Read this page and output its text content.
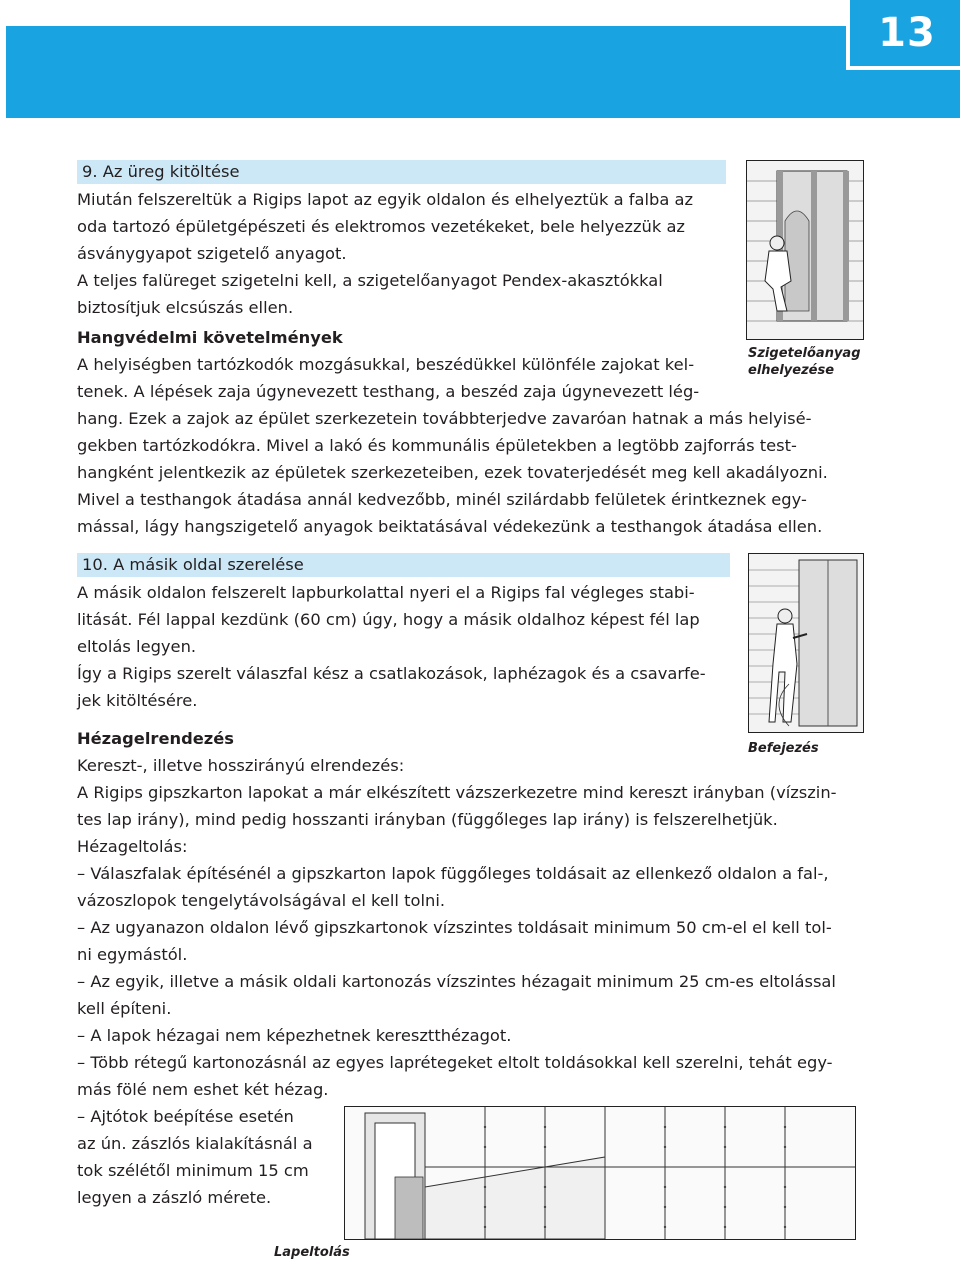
13
9. Az üreg kitöltése

Miután felszereltük a Rigips lapot az egyik oldalon és elhelyeztük a falba az

oda tartozó épületgépészeti és elektromos vezetékeket, bele helyezzük az

ásványgyapot szigetelő anyagot.

A teljes falüreget szigetelni kell, a szigetelőanyagot Pendex-akasztókkal

biztosítjuk elcsúszás ellen.

Szigetelőanyag
elhelyezése

Hangvédelmi követelmények

A helyiségben tartózkodók mozgásukkal, beszédükkel különféle zajokat kel-

tenek. A lépések zaja úgynevezett testhang, a beszéd zaja úgynevezett lég-

hang. Ezek a zajok az épület szerkezetein továbbterjedve zavaróan hatnak a más helyisé-

gekben tartózkodókra. Mivel a lakó és kommunális épületekben a legtöbb zajforrás test-

hangként jelentkezik az épületek szerkezeteiben, ezek tovaterjedését meg kell akadályozni.

Mivel a testhangok átadása annál kedvezőbb, minél szilárdabb felületek érintkeznek egy-

mással, lágy hangszigetelő anyagok beiktatásával védekezünk a testhangok átadása ellen.

10. A másik oldal szerelése

A másik oldalon felszerelt lapburkolattal nyeri el a Rigips fal végleges stabi-

litását. Fél lappal kezdünk (60 cm) úgy, hogy a másik oldalhoz képest fél lap

eltolás legyen.

Így a Rigips szerelt válaszfal kész a csatlakozások, laphézagok és a csavarfe-

jek kitöltésére.

Befejezés

Hézagelrendezés

Kereszt-, illetve hosszirányú elrendezés:

A Rigips gipszkarton lapokat a már elkészített vázszerkezetre mind kereszt irányban (vízszin-

tes lap irány), mind pedig hosszanti irányban (függőleges lap irány) is felszerelhetjük.

Hézageltolás:

– Válaszfalak építésénél a gipszkarton lapok függőleges toldásait az ellenkező oldalon a fal-,

vázoszlopok tengelytávolságával el kell tolni.

– Az ugyanazon oldalon lévő gipszkartonok vízszintes toldásait minimum 50 cm-el el kell tol-

ni egymástól.

– Az egyik, illetve a másik oldali kartonozás vízszintes hézagait minimum 25 cm-es eltolással

kell építeni.

– A lapok hézagai nem képezhetnek keresztthézagot.

– Több rétegű kartonozásnál az egyes laprétegeket eltolt toldásokkal kell szerelni, tehát egy-

más fölé nem eshet két hézag.

– Ajtótok beépítése esetén

az ún. zászlós kialakításnál a

tok szélétől minimum 15 cm

legyen a zászló mérete.

Lapeltolás
